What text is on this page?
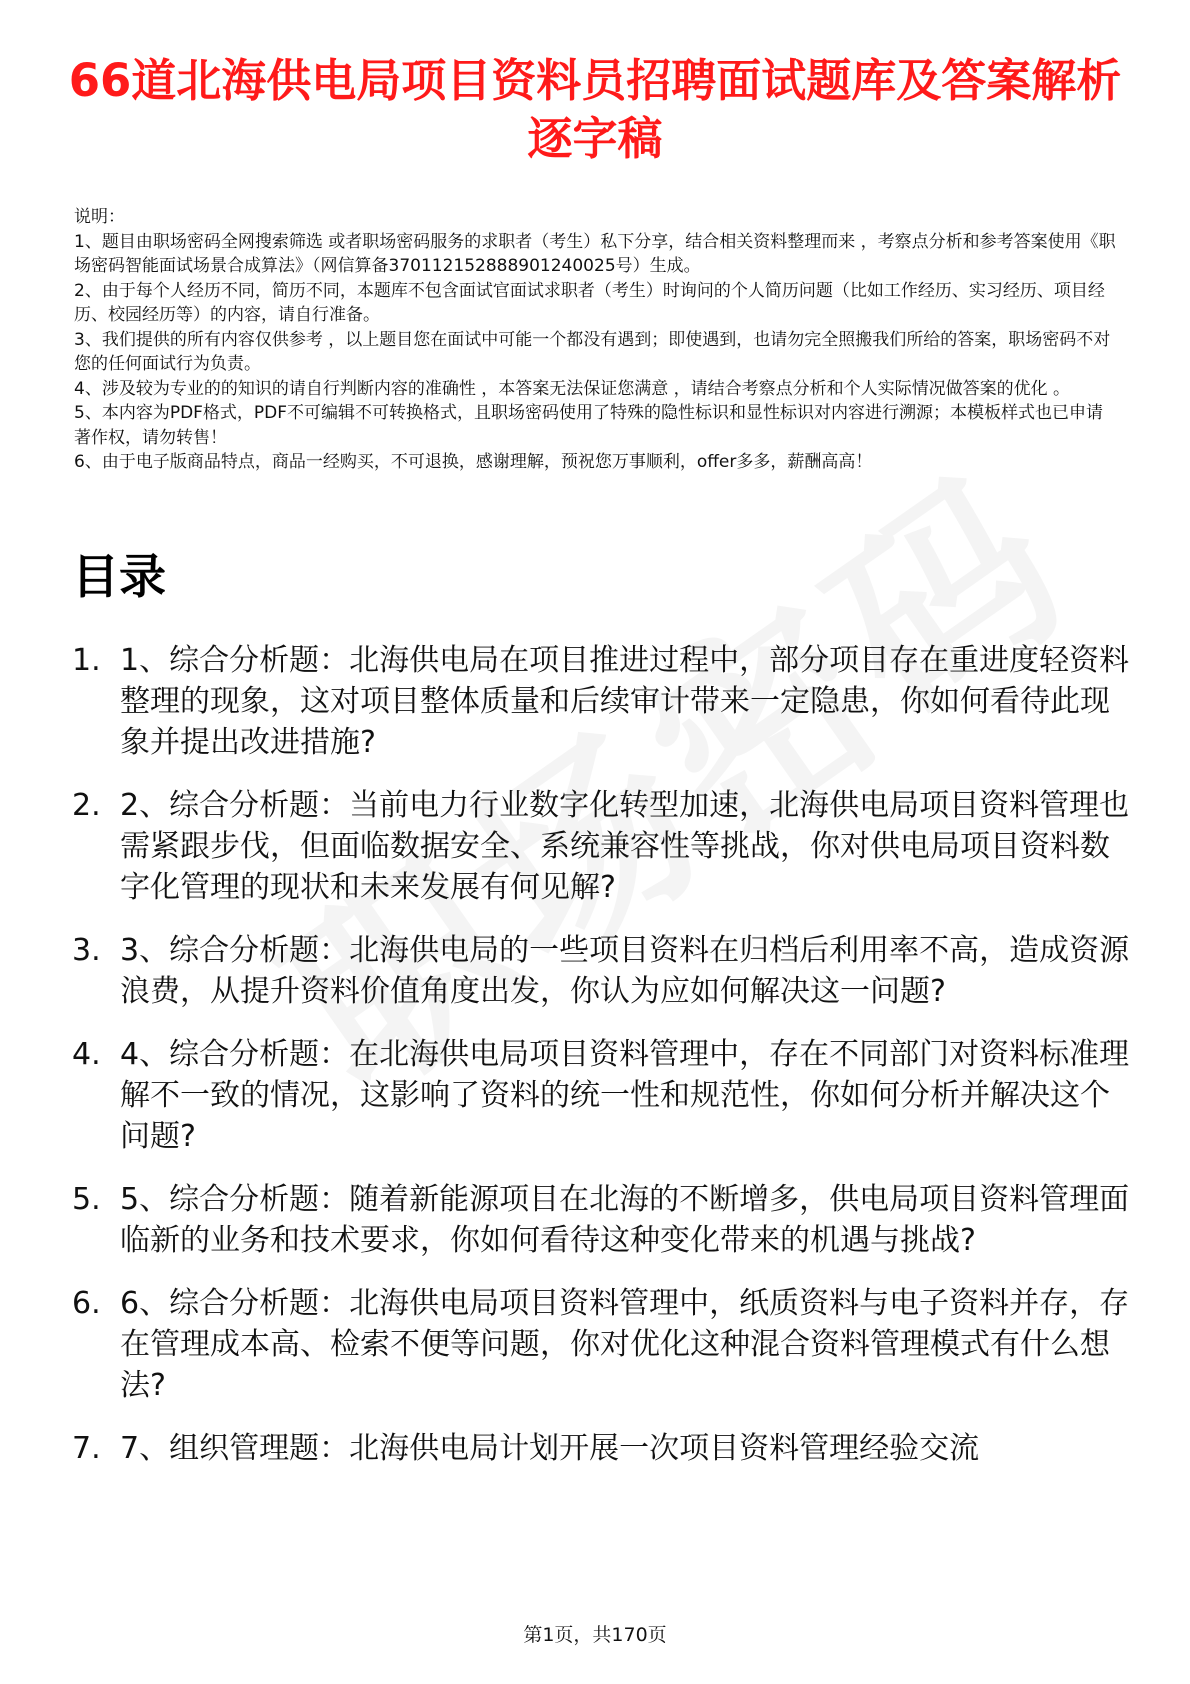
66道北海供电局项目资料员招聘面试题库及答案解析逐字稿

说明：

1、题目由职场密码全网搜索筛选 或者职场密码服务的求职者（考生）私下分享，结合相关资料整理而来 ，考察点分析和参考答案使用《职场密码智能面试场景合成算法》（网信算备370112152888901240025号）生成。

2、由于每个人经历不同，简历不同，本题库不包含面试官面试求职者（考生）时询问的个人简历问题（比如工作经历、实习经历、项目经历、校园经历等）的内容，请自行准备。

3、我们提供的所有内容仅供参考 ，以上题目您在面试中可能一个都没有遇到；即使遇到，也请勿完全照搬我们所给的答案，职场密码不对您的任何面试行为负责。

4、涉及较为专业的的知识的请自行判断内容的准确性 ，本答案无法保证您满意 ，请结合考察点分析和个人实际情况做答案的优化 。

5、本内容为PDF格式，PDF不可编辑不可转换格式，且职场密码使用了特殊的隐性标识和显性标识对内容进行溯源；本模板样式也已申请著作权，请勿转售！

6、由于电子版商品特点，商品一经购买，不可退换，感谢理解，预祝您万事顺利，offer多多，薪酬高高！

目录
1. 1、综合分析题：北海供电局在项目推进过程中，部分项目存在重进度轻资料整理的现象，这对项目整体质量和后续审计带来一定隐患，你如何看待此现象并提出改进措施?
2. 2、综合分析题：当前电力行业数字化转型加速，北海供电局项目资料管理也需紧跟步伐，但面临数据安全、系统兼容性等挑战，你对供电局项目资料数字化管理的现状和未来发展有何见解?
3. 3、综合分析题：北海供电局的一些项目资料在归档后利用率不高，造成资源浪费，从提升资料价值角度出发，你认为应如何解决这一问题?
4. 4、综合分析题：在北海供电局项目资料管理中，存在不同部门对资料标准理解不一致的情况，这影响了资料的统一性和规范性，你如何分析并解决这个问题?
5. 5、综合分析题：随着新能源项目在北海的不断增多，供电局项目资料管理面临新的业务和技术要求，你如何看待这种变化带来的机遇与挑战?
6. 6、综合分析题：北海供电局项目资料管理中，纸质资料与电子资料并存，存在管理成本高、检索不便等问题，你对优化这种混合资料管理模式有什么想法?
7. 7、组织管理题：北海供电局计划开展一次项目资料管理经验交流
第1页，共170页
